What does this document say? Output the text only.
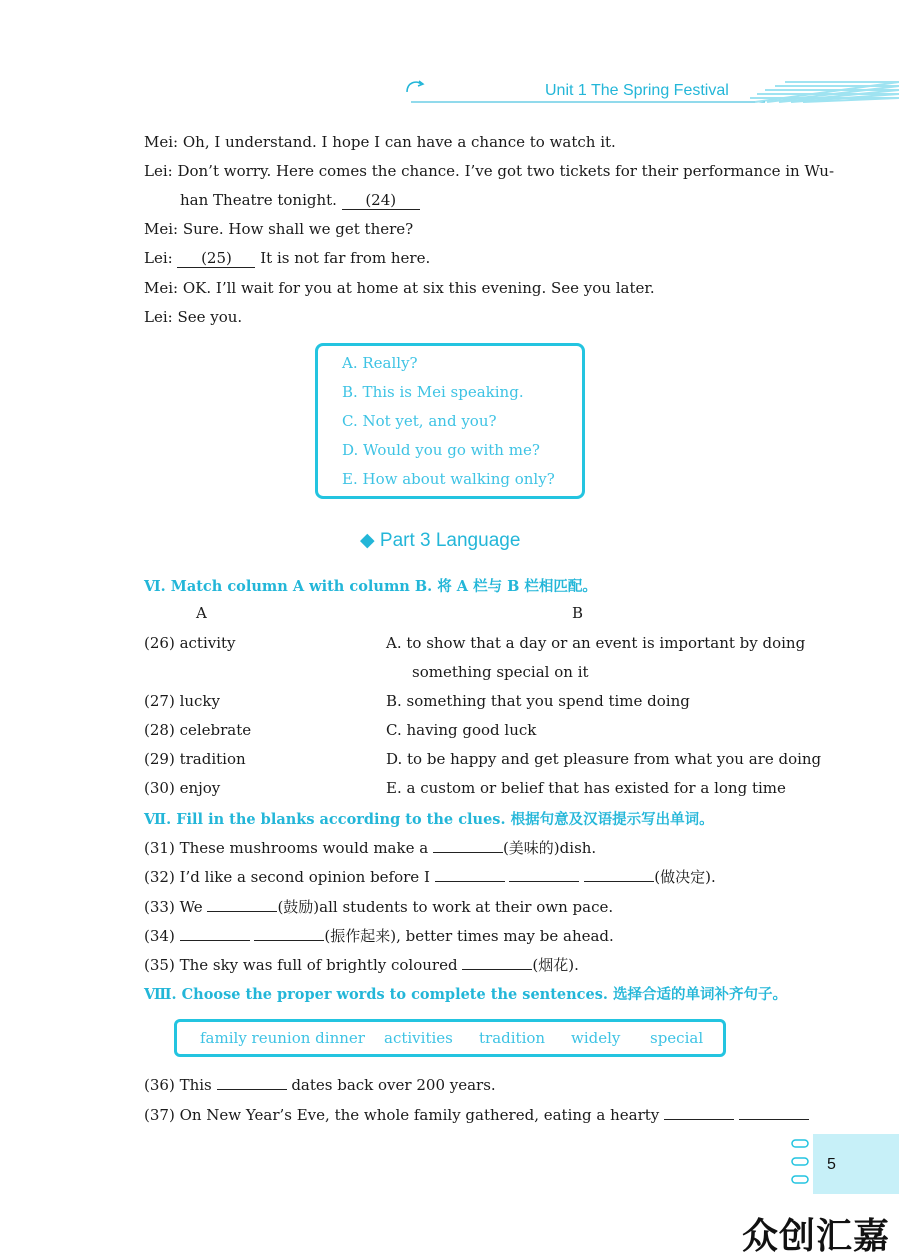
Unit 1 The Spring Festival
Mei: Oh, I understand. I hope I can have a chance to watch it.
Lei: Don’t worry. Here comes the chance. I’ve got two tickets for their performance in Wu-
han Theatre tonight. (24)
Mei: Sure. How shall we get there?
Lei: (25) It is not far from here.
Mei: OK. I’ll wait for you at home at six this evening. See you later.
Lei: See you.
A. Really?
B. This is Mei speaking.
C. Not yet, and you?
D. Would you go with me?
E. How about walking only?
◆ Part 3 Language
Ⅵ. Match column A with column B. 将 A 栏与 B 栏相匹配。
A	B
(26) activity	A. to show that a day or an event is important by doing
something special on it
(27) lucky	B. something that you spend time doing
(28) celebrate	C. having good luck
(29) tradition	D. to be happy and get pleasure from what you are doing
(30) enjoy	E. a custom or belief that has existed for a long time
Ⅶ. Fill in the blanks according to the clues. 根据句意及汉语提示写出单词。
(31) These mushrooms would make a	(美味的)dish.
(32) I’d like a second opinion before I	(做决定).
(33) We	(鼓励)all students to work at their own pace.
(34)	(振作起来), better times may be ahead.
(35) The sky was full of brightly coloured	(烟花).
Ⅷ. Choose the proper words to complete the sentences. 选择合适的单词补齐句子。
family reunion dinner activities tradition widely special
(36) This	dates back over 200 years.
(37) On New Year’s Eve, the whole family gathered, eating a hearty
5
众创汇嘉
